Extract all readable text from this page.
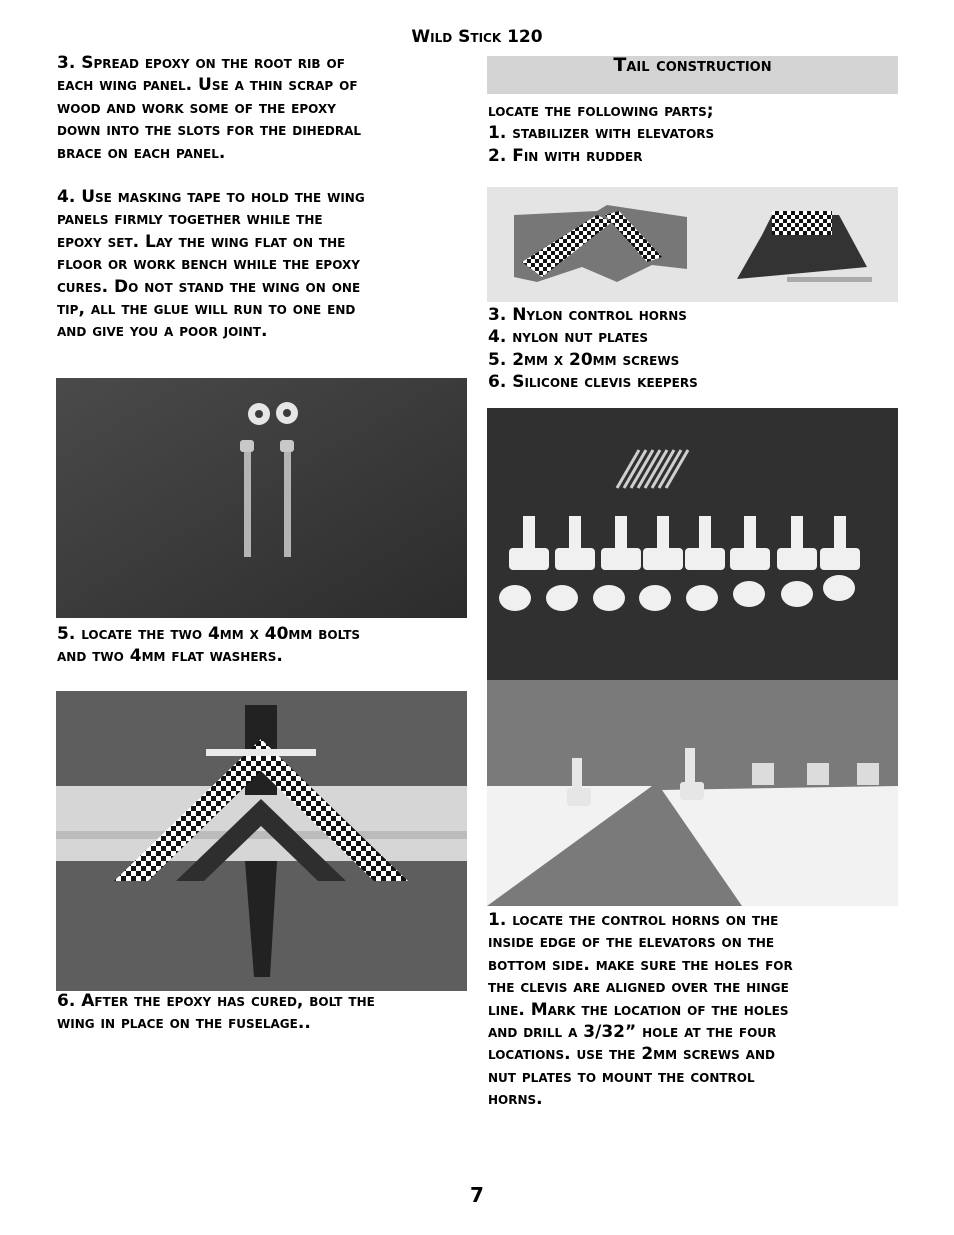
Wild Stick 120
3. Spread epoxy on the root rib of
each wing panel. Use a thin scrap of
wood and work some of the epoxy
down into the slots for the dihedral
brace on each panel.
4. Use masking tape to hold the wing
panels firmly together while the
epoxy set. Lay the wing flat on the
floor or work bench while the epoxy
cures. Do not stand the wing on one
tip, all the glue will run to one end
and give you a poor joint.
5. locate the two 4mm x 40mm bolts
and two 4mm flat washers.
6. After the epoxy has cured, bolt the
wing in place on the fuselage..
Tail construction
locate the following parts;
1. stabilizer with elevators
2. Fin with rudder
3. Nylon control horns
4. nylon nut plates
5. 2mm x 20mm screws
6. Silicone clevis keepers
1. locate the control horns on the
inside edge of the elevators on the
bottom side. make sure the holes for
the clevis are aligned over the hinge
line. Mark the location of the holes
and drill a 3/32” hole at the four
locations. use the 2mm screws and
nut plates to mount the control
horns.
7
